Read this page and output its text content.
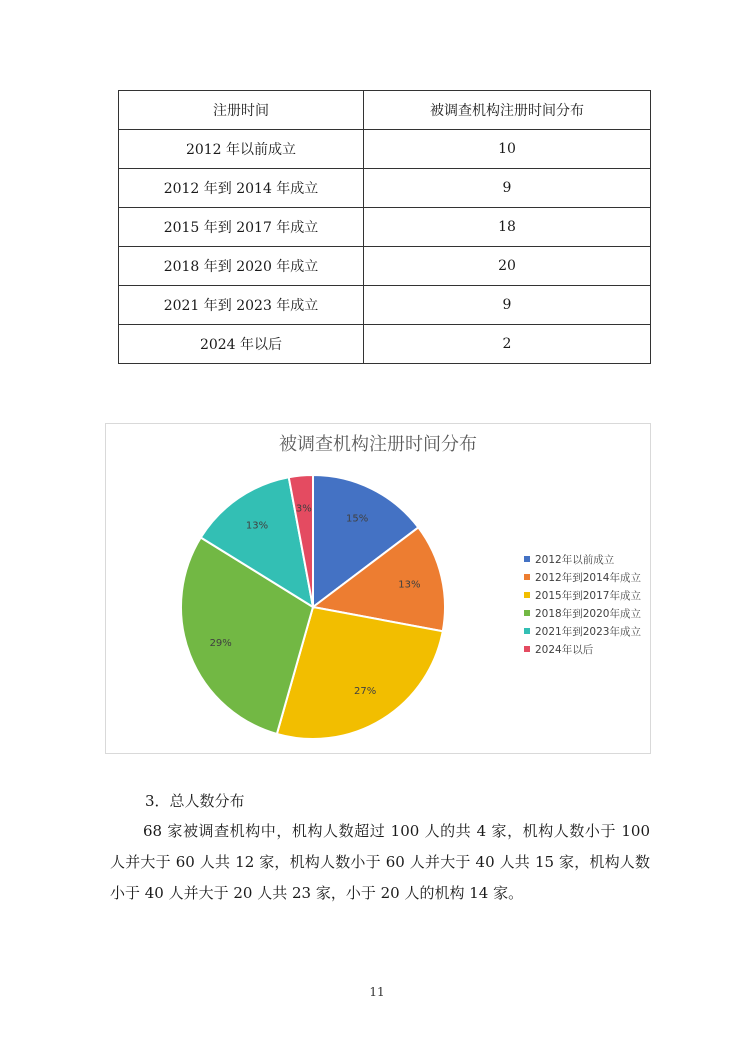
注册时间	被调查机构注册时间分布
2012 年以前成立	10
2012 年到 2014 年成立	9
2015 年到 2017 年成立	18
2018 年到 2020 年成立	20
2021 年到 2023 年成立	9
2024 年以后	2
被调查机构注册时间分布
15%
13%
27%
29%
13%
3%
2012年以前成立
2012年到2014年成立
2015年到2017年成立
2018年到2020年成立
2021年到2023年成立
2024年以后
3．总人数分布
68 家被调查机构中，机构人数超过 100 人的共 4 家，机构人数小于 100 人并大于 60 人共 12 家，机构人数小于 60 人并大于 40 人共 15 家，机构人数小于 40 人并大于 20 人共 23 家，小于 20 人的机构 14 家。
11
